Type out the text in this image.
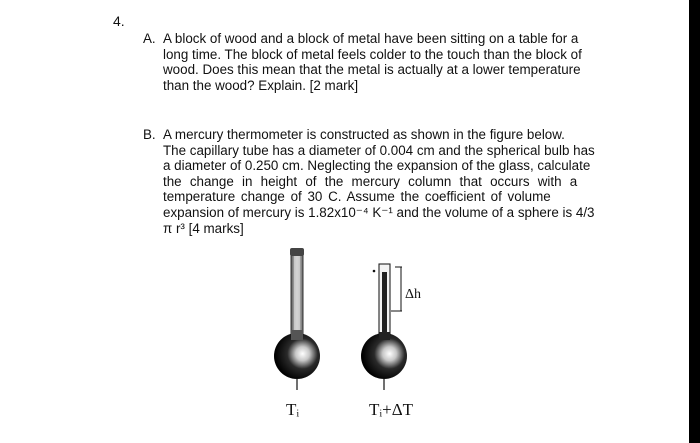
4.
A. A block of wood and a block of metal have been sitting on a table for a
long time. The block of metal feels colder to the touch than the block of
wood. Does this mean that the metal is actually at a lower temperature
than the wood? Explain. [2 mark]
B. A mercury thermometer is constructed as shown in the figure below.
The capillary tube has a diameter of 0.004 cm and the spherical bulb has
a diameter of 0.250 cm. Neglecting the expansion of the glass, calculate
the change in height of the mercury column that occurs with a
temperature change of 30 C. Assume the coefficient of volume
expansion of mercury is 1.82x10⁻⁴ K⁻¹ and the volume of a sphere is 4/3
π r³ [4 marks]
Δh
Tᵢ	Tᵢ+ΔT
